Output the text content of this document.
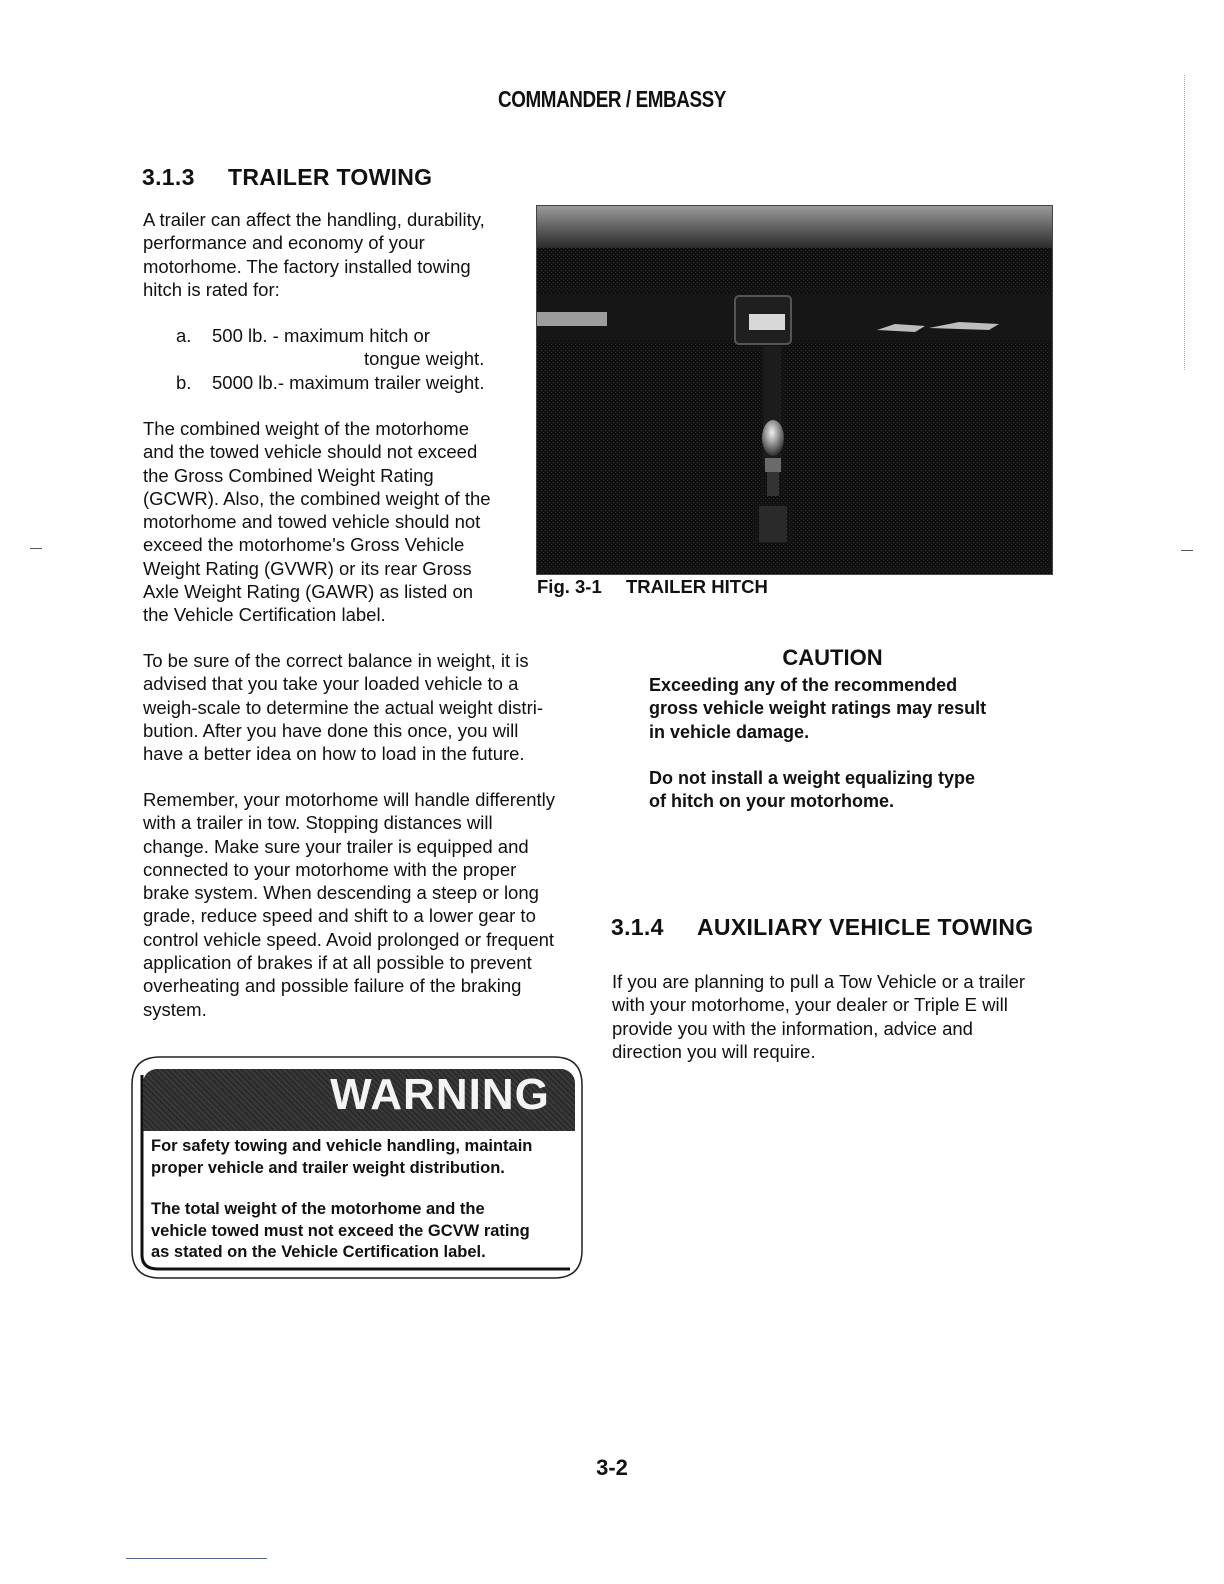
COMMANDER / EMBASSY
3.1.3 TRAILER TOWING

A trailer can affect the handling, durability,

performance and economy of your

motorhome. The factory installed towing

hitch is rated for:

a. 500 lb. - maximum hitch or
tongue weight.
b. 5000 lb.- maximum trailer weight.

The combined weight of the motorhome

and the towed vehicle should not exceed

the Gross Combined Weight Rating

(GCWR). Also, the combined weight of the

motorhome and towed vehicle should not

exceed the motorhome's Gross Vehicle

Weight Rating (GVWR) or its rear Gross

Axle Weight Rating (GAWR) as listed on

the Vehicle Certification label.

To be sure of the correct balance in weight, it is

advised that you take your loaded vehicle to a

weigh-scale to determine the actual weight distri-

bution. After you have done this once, you will

have a better idea on how to load in the future.

Remember, your motorhome will handle differently

with a trailer in tow. Stopping distances will

change. Make sure your trailer is equipped and

connected to your motorhome with the proper

brake system. When descending a steep or long

grade, reduce speed and shift to a lower gear to

control vehicle speed. Avoid prolonged or frequent

application of brakes if at all possible to prevent

overheating and possible failure of the braking

system.

Fig. 3-1 TRAILER HITCH
CAUTION

Exceeding any of the recommended

gross vehicle weight ratings may result

in vehicle damage.

Do not install a weight equalizing type

of hitch on your motorhome.

3.1.4 AUXILIARY VEHICLE TOWING

If you are planning to pull a Tow Vehicle or a trailer

with your motorhome, your dealer or Triple E will

provide you with the information, advice and

direction you will require.

WARNING

For safety towing and vehicle handling, maintain

proper vehicle and trailer weight distribution.

The total weight of the motorhome and the

vehicle towed must not exceed the GCVW rating

as stated on the Vehicle Certification label.

3-2
